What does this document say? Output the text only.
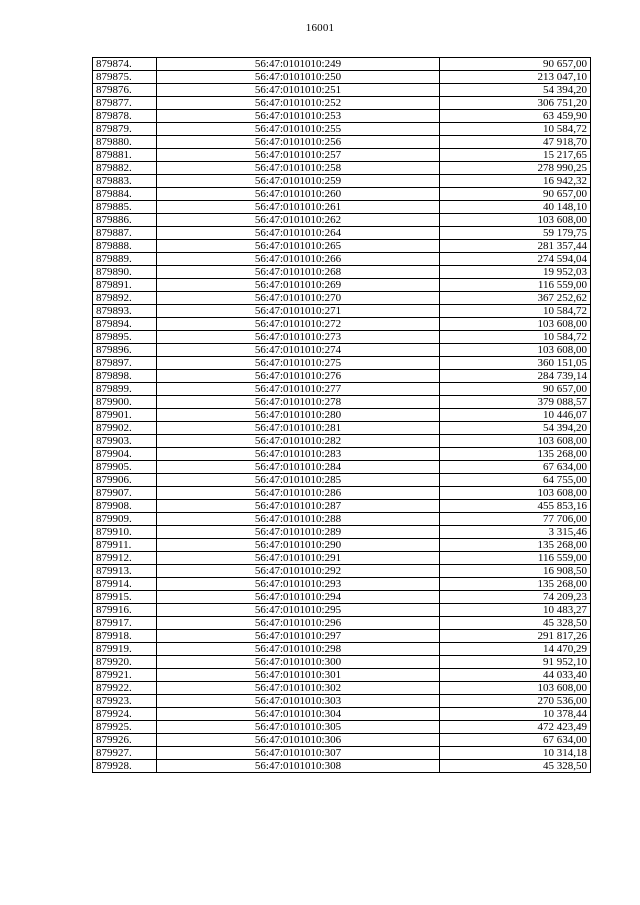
16001
879874.	56:47:0101010:249	90 657,00
879875.	56:47:0101010:250	213 047,10
879876.	56:47:0101010:251	54 394,20
879877.	56:47:0101010:252	306 751,20
879878.	56:47:0101010:253	63 459,90
879879.	56:47:0101010:255	10 584,72
879880.	56:47:0101010:256	47 918,70
879881.	56:47:0101010:257	15 217,65
879882.	56:47:0101010:258	278 990,25
879883.	56:47:0101010:259	16 942,32
879884.	56:47:0101010:260	90 657,00
879885.	56:47:0101010:261	40 148,10
879886.	56:47:0101010:262	103 608,00
879887.	56:47:0101010:264	59 179,75
879888.	56:47:0101010:265	281 357,44
879889.	56:47:0101010:266	274 594,04
879890.	56:47:0101010:268	19 952,03
879891.	56:47:0101010:269	116 559,00
879892.	56:47:0101010:270	367 252,62
879893.	56:47:0101010:271	10 584,72
879894.	56:47:0101010:272	103 608,00
879895.	56:47:0101010:273	10 584,72
879896.	56:47:0101010:274	103 608,00
879897.	56:47:0101010:275	360 151,05
879898.	56:47:0101010:276	284 739,14
879899.	56:47:0101010:277	90 657,00
879900.	56:47:0101010:278	379 088,57
879901.	56:47:0101010:280	10 446,07
879902.	56:47:0101010:281	54 394,20
879903.	56:47:0101010:282	103 608,00
879904.	56:47:0101010:283	135 268,00
879905.	56:47:0101010:284	67 634,00
879906.	56:47:0101010:285	64 755,00
879907.	56:47:0101010:286	103 608,00
879908.	56:47:0101010:287	455 853,16
879909.	56:47:0101010:288	77 706,00
879910.	56:47:0101010:289	3 315,46
879911.	56:47:0101010:290	135 268,00
879912.	56:47:0101010:291	116 559,00
879913.	56:47:0101010:292	16 908,50
879914.	56:47:0101010:293	135 268,00
879915.	56:47:0101010:294	74 209,23
879916.	56:47:0101010:295	10 483,27
879917.	56:47:0101010:296	45 328,50
879918.	56:47:0101010:297	291 817,26
879919.	56:47:0101010:298	14 470,29
879920.	56:47:0101010:300	91 952,10
879921.	56:47:0101010:301	44 033,40
879922.	56:47:0101010:302	103 608,00
879923.	56:47:0101010:303	270 536,00
879924.	56:47:0101010:304	10 378,44
879925.	56:47:0101010:305	472 423,49
879926.	56:47:0101010:306	67 634,00
879927.	56:47:0101010:307	10 314,18
879928.	56:47:0101010:308	45 328,50
